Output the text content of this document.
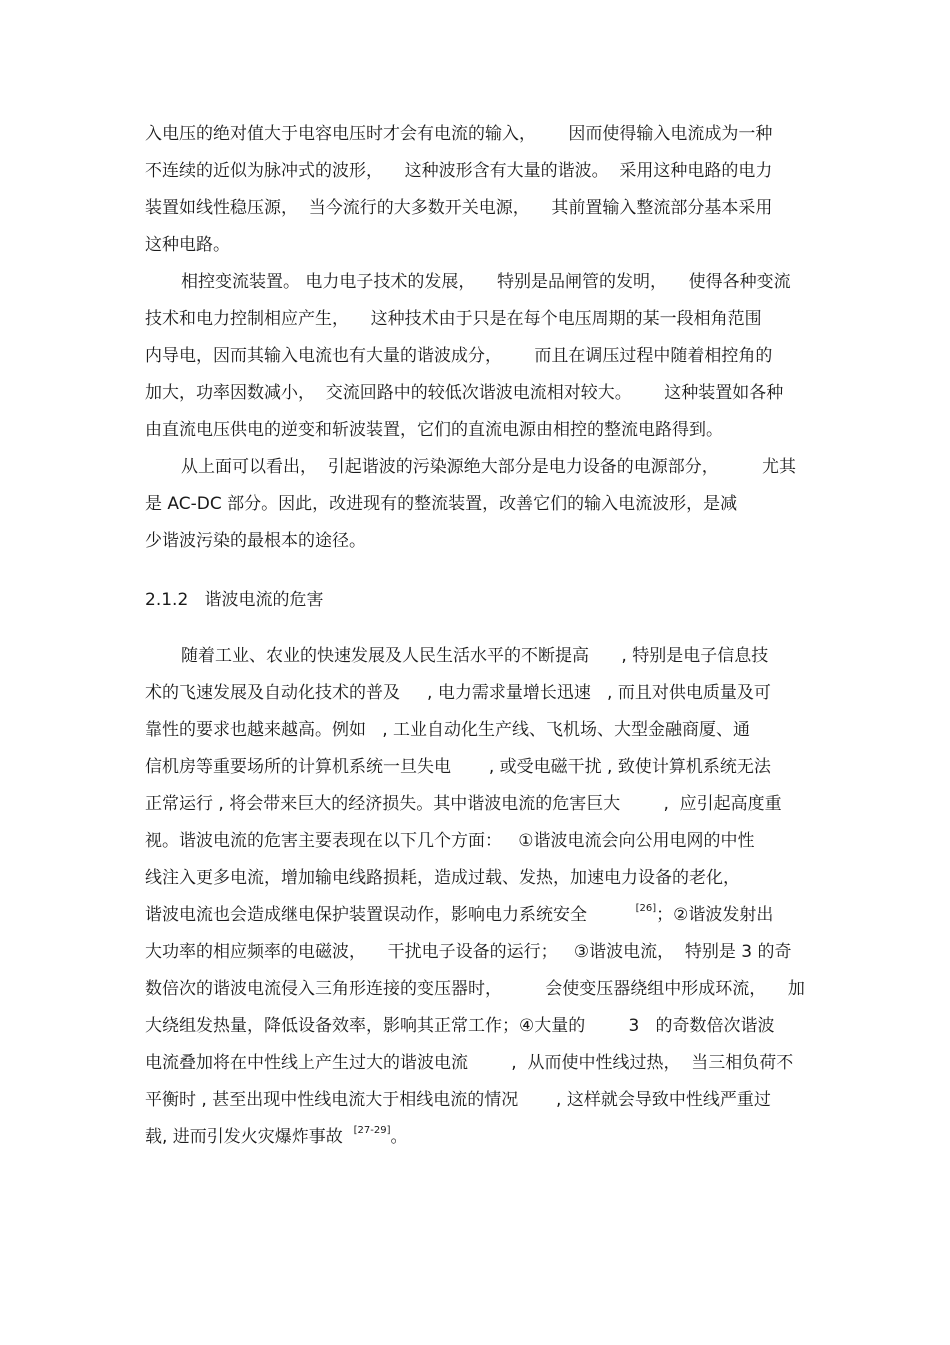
入电压的绝对值大于电容电压时才会有电流的输入，      因而使得输入电流成为一种
不连续的近似为脉冲式的波形，    这种波形含有大量的谐波。  采用这种电路的电力
装置如线性稳压源，  当今流行的大多数开关电源，    其前置输入整流部分基本采用
这种电路。
相控变流装置。 电力电子技术的发展，    特别是品闸管的发明，    使得各种变流
技术和电力控制相应产生，    这种技术由于只是在每个电压周期的某一段相角范围
内导电，因而其输入电流也有大量的谐波成分，      而且在调压过程中随着相控角的
加大，功率因数减小，  交流回路中的较低次谐波电流相对较大。      这种装置如各种
由直流电压供电的逆变和斩波装置，它们的直流电源由相控的整流电路得到。
从上面可以看出，  引起谐波的污染源绝大部分是电力设备的电源部分，        尤其
是 AC-DC 部分。因此，改进现有的整流装置，改善它们的输入电流波形，是减
少谐波污染的最根本的途径。
2.1.2   谐波电流的危害
随着工业、农业的快速发展及人民生活水平的不断提高      , 特别是电子信息技
术的飞速发展及自动化技术的普及     , 电力需求量增长迅速   , 而且对供电质量及可
靠性的要求也越来越高。例如   , 工业自动化生产线、飞机场、大型金融商厦、通
信机房等重要场所的计算机系统一旦失电       , 或受电磁干扰 , 致使计算机系统无法
正常运行 , 将会带来巨大的经济损失。其中谐波电流的危害巨大        ,  应引起高度重
视。谐波电流的危害主要表现在以下几个方面：   ①谐波电流会向公用电网的中性
线注入更多电流，增加输电线路损耗，造成过载、发热，加速电力设备的老化，
谐波电流也会造成继电保护装置误动作，影响电力系统安全         [26]；②谐波发射出
大功率的相应频率的电磁波，    干扰电子设备的运行；   ③谐波电流，  特别是 3 的奇
数倍次的谐波电流侵入三角形连接的变压器时，        会使变压器绕组中形成环流，    加
大绕组发热量，降低设备效率，影响其正常工作；④大量的        3   的奇数倍次谐波
电流叠加将在中性线上产生过大的谐波电流        ,  从而使中性线过热，  当三相负荷不
平衡时 , 甚至出现中性线电流大于相线电流的情况       , 这样就会导致中性线严重过
载, 进而引发火灾爆炸事故  [27-29]。
